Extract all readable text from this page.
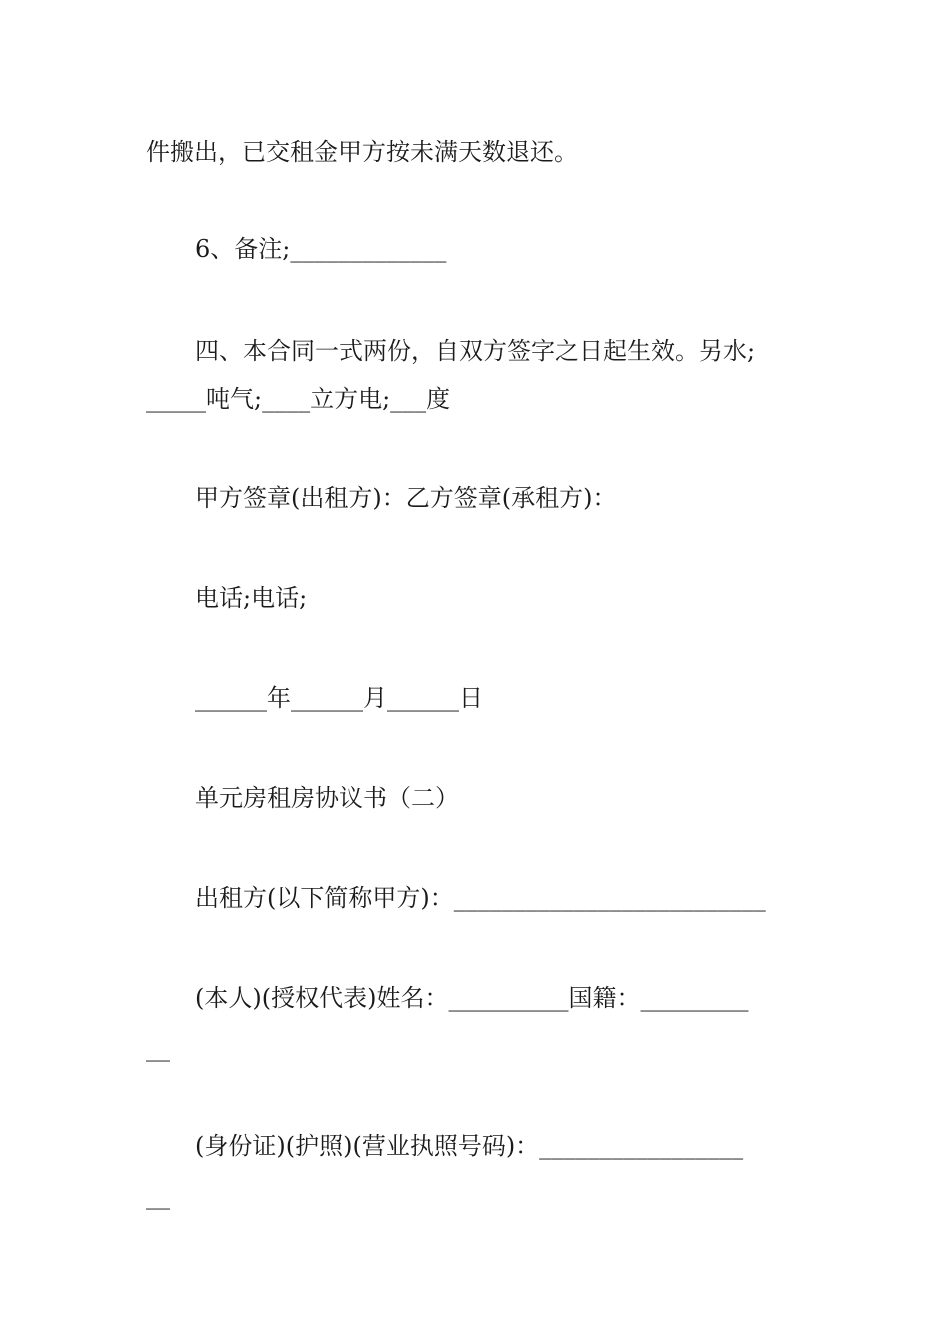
件搬出，已交租金甲方按未满天数退还。
6、备注;_____________
四、本合同一式两份，自双方签字之日起生效。另水;
_____吨气;____立方电;___度
甲方签章(出租方)：乙方签章(承租方)：
电话;电话;
______年______月______日
单元房租房协议书（二）
出租方(以下简称甲方)：__________________________
(本人)(授权代表)姓名：__________国籍：_________
__
(身份证)(护照)(营业执照号码)：_________________
__
